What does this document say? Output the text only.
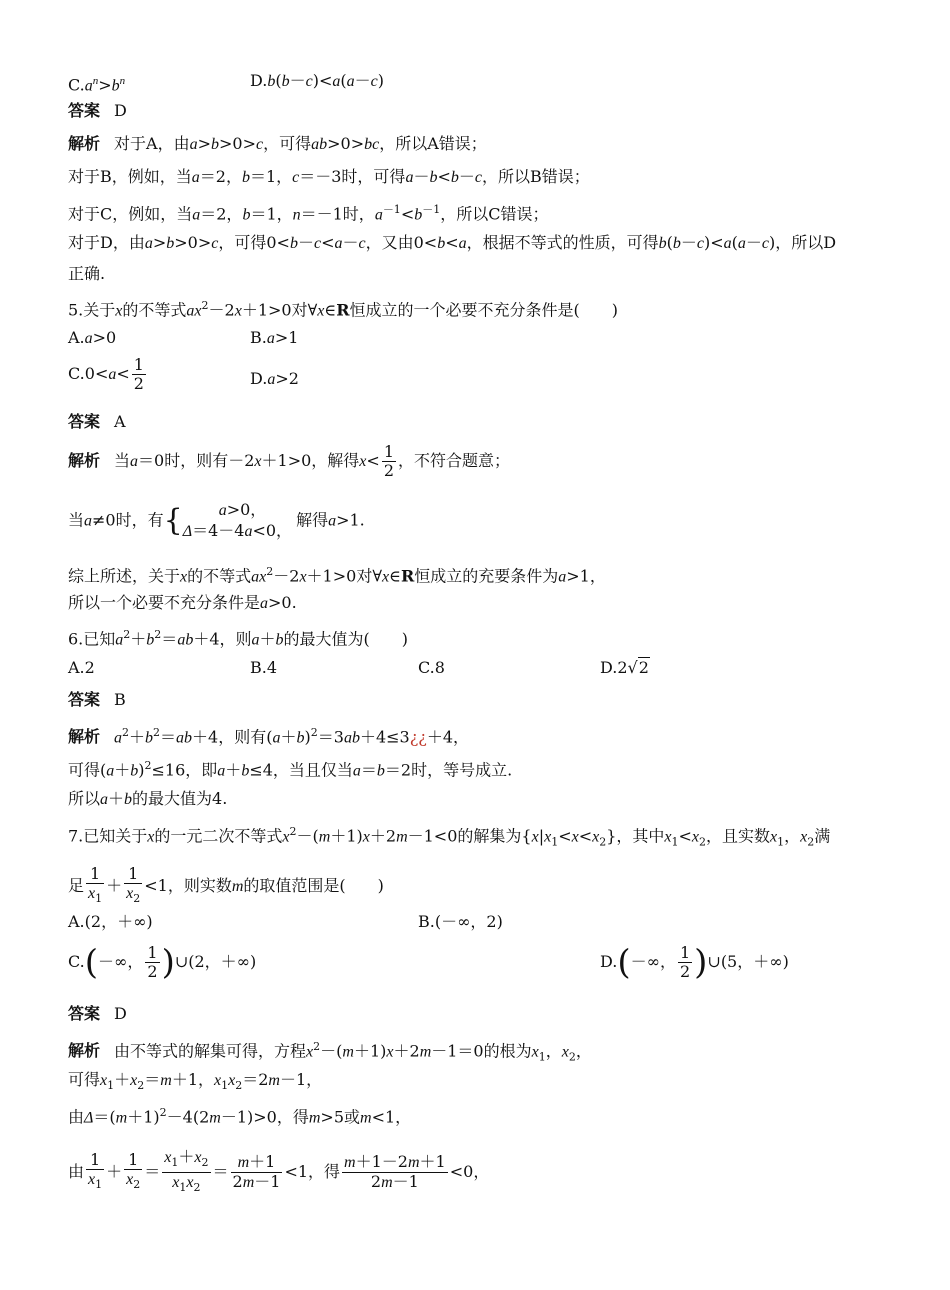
$C.a^n>b^n$	D.b(b－c)<a(a－c)
答案 D
解析 对于A，由a>b>0>c，可得ab>0>bc，所以A错误；
对于B，例如，当a＝2，b＝1，c＝－3时，可得a－b<b－c，所以B错误；
对于C，例如，当a＝2，b＝1，n＝－1时，$a^{-1}<b^{-1}$，所以C错误；
对于D，由a>b>0>c，可得0<b－c<a－c，又由0<b<a，根据不等式的性质，可得b(b－c)<a(a－c)，所以D
正确.
5.关于x的不等式$ax^2-2x+1>0$对∀x∈R恒成立的一个必要不充分条件是(　　)
A.a>0	B.a>1
$C.0<a< \frac{1}{2}$	D.a>2
答案 A
解析 当a＝0时，则有－2x＋1>0，解得$x< \frac{1}{2}$ ，不符合题意；
当a≠0时，有{	a>0，
Δ＝4－4a<0，
解得a>1.
综上所述，关于x的不等式$ax^2-2x+1>0$对∀x∈R恒成立的充要条件为a>1，
所以一个必要不充分条件是a>0.
6.已知$a^2+b^2=ab+4$，则a＋b的最大值为(　　)
A.2	B.4	C.8	D.2√2
答案 B
解析 $a^2+b^2=ab+4$，则有$(a+b)^2=3ab+4\le 3¿¿+4$，
可得$(a+b)^2\le 16$，即a＋b≤4，当且仅当a＝b＝2时，等号成立.
所以a＋b的最大值为4.
7.已知关于x的一元二次不等式$x^2-(m+1)x+2m-1<0$的解集为$\{x|x_1<x<x_2\}$，其中$x_1<x_2$，且实数$x_1$，$x_2$满
足 $\frac{1}{x_1} + \frac{1}{x_2} <1$，则实数m的取值范围是(　　)
A.(2，＋∞)	B.(－∞，2)
C.(－∞， $\frac{1}{2}$ )∪(2，＋∞)	D.(－∞， $\frac{1}{2}$ )∪(5，＋∞)
答案 D
解析 由不等式的解集可得，方程$x^2-(m+1)x+2m-1=0$的根为$x_1$，$x_2$，
可得$x_1+x_2=m+1$，$x_1x_2=2m-1$，
由$\Delta=(m+1)^2-4(2m-1)>0$，得m>5或m<1，
由 $\frac{1}{x_1} + \frac{1}{x_2} = \frac{x_1+x_2}{x_1x_2} = \frac{m+1}{2m-1} <1$，得 $\frac{m+1-2m+1}{2m-1} <0$，
